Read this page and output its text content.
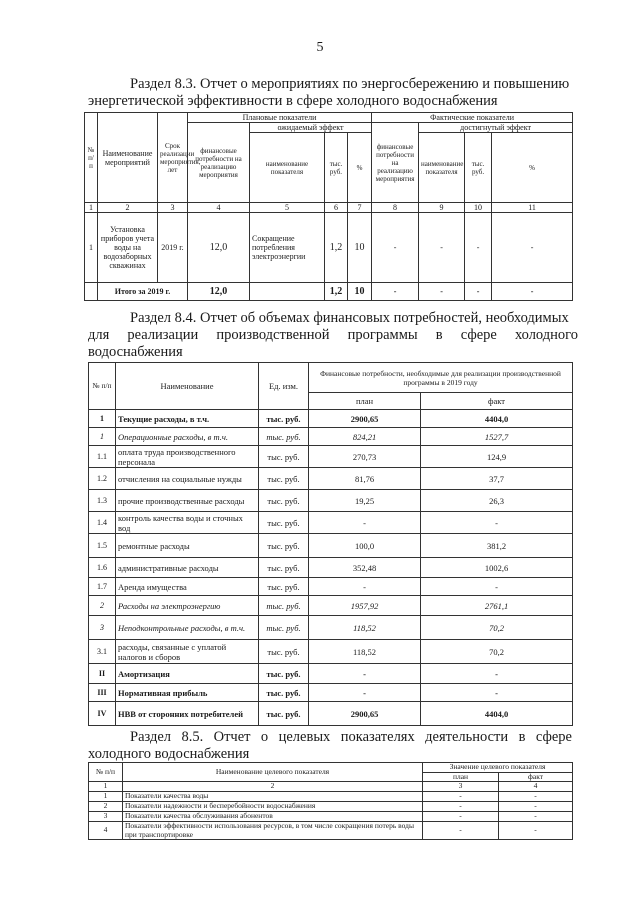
5
Раздел 8.3. Отчет о мероприятиях по энергосбережению и повышению
энергетической эффективности в сфере холодного водоснабжения
№ п/п	Наименование мероприятий	Срок реализации мероприятия, лет	Плановые показатели				Фактические показатели			
			финансовые потребности на реализацию мероприятия	ожидаемый эффект			финансовые потребности на реализацию мероприятия	достигнутый эффект		
				наименование показателя	тыс. руб.	%		наименование показателя	тыс. руб.	%
1	2	3	4	5	6	7	8	9	10	11
1	Установка приборов учета воды на водозаборных скважинах	2019 г.	12,0	Сокращение потребления электроэнергии	1,2	10	-	-	-	-
	Итого за 2019 г.		12,0		1,2	10	-	-	-	-
Раздел 8.4. Отчет об объемах финансовых потребностей, необходимых
для реализации производственной программы в сфере холодного
водоснабжения
№ п/п	Наименование	Ед. изм.	Финансовые потребности, необходимые для реализации производственной программы в 2019 году	
			план	факт
1	Текущие расходы, в т.ч.	тыс. руб.	2900,65	4404,0
1	Операционные расходы, в т.ч.	тыс. руб.	824,21	1527,7
1.1	оплата труда производственного персонала	тыс. руб.	270,73	124,9
1.2	отчисления на социальные нужды	тыс. руб.	81,76	37,7
1.3	прочие производственные расходы	тыс. руб.	19,25	26,3
1.4	контроль качества воды и сточных вод	тыс. руб.	-	-
1.5	ремонтные расходы	тыс. руб.	100,0	381,2
1.6	административные расходы	тыс. руб.	352,48	1002,6
1.7	Аренда имущества	тыс. руб.	-	-
2	Расходы на электроэнергию	тыс. руб.	1957,92	2761,1
3	Неподконтрольные расходы, в т.ч.	тыс. руб.	118,52	70,2
3.1	расходы, связанные с уплатой налогов и сборов	тыс. руб.	118,52	70,2
II	Амортизация	тыс. руб.	-	-
III	Нормативная прибыль	тыс. руб.	-	-
IV	НВВ от сторонних потребителей	тыс. руб.	2900,65	4404,0
Раздел 8.5. Отчет о целевых показателях деятельности в сфере
холодного водоснабжения
№ п/п	Наименование целевого показателя	Значение целевого показателя	
		план	факт
1	2	3	4
1	Показатели качества воды	-	-
2	Показатели надежности и бесперебойности водоснабжения	-	-
3	Показатели качества обслуживания абонентов	-	-
4	Показатели эффективности использования ресурсов, в том числе сокращения потерь воды при транспортировке	-	-
